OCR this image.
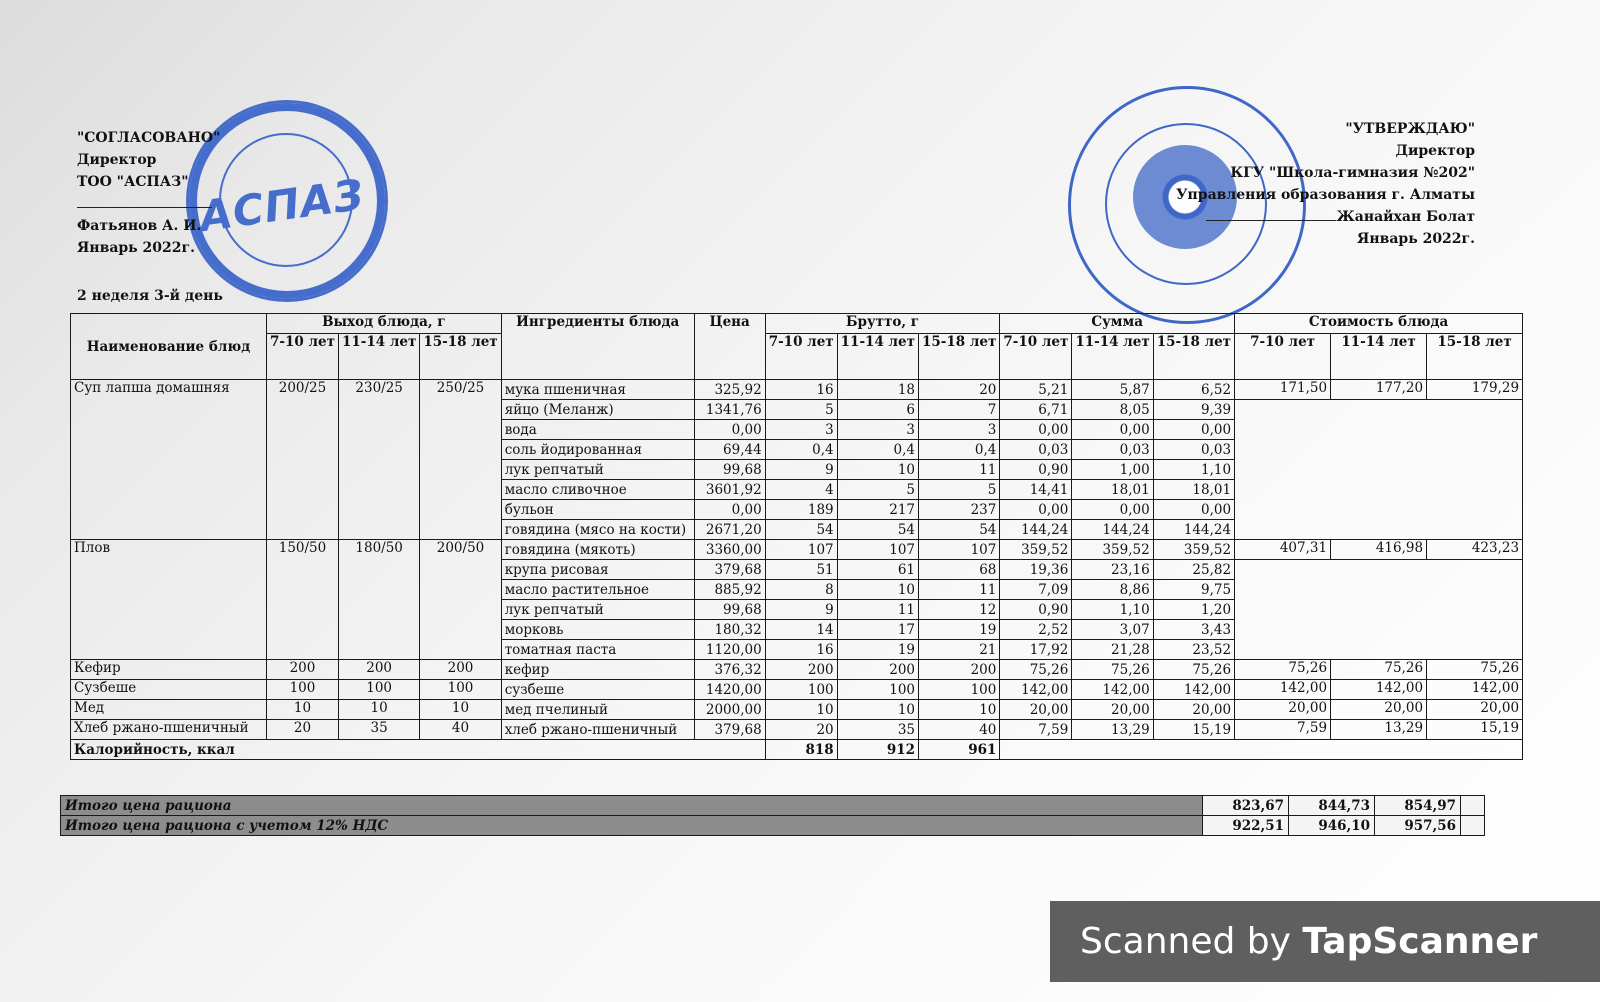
АСПАЗ
"СОГЛАСОВАНО"
Директор
ТОО "АСПАЗ"
Фатьянов А. И.
Январь 2022г.
"УТВЕРЖДАЮ"
Директор
КГУ "Школа-гимназия №202"
Управления образования г. Алматы
Жанайхан Болат
Январь 2022г.
2 неделя 3-й день
Наименование блюд	Выход блюда, г			Ингредиенты блюда	Цена	Брутто, г			Сумма			Стоимость блюда		
	7-10 лет	11-14 лет	15-18 лет			7-10 лет	11-14 лет	15-18 лет	7-10 лет	11-14 лет	15-18 лет	7-10 лет	11-14 лет	15-18 лет
Суп лапша домашняя	200/25	230/25	250/25	мука пшеничная	325,92	16	18	20	5,21	5,87	6,52	171,50	177,20	179,29
				яйцо (Меланж)	1341,76	5	6	7	6,71	8,05	9,39			
				вода	0,00	3	3	3	0,00	0,00	0,00			
				соль йодированная	69,44	0,4	0,4	0,4	0,03	0,03	0,03			
				лук репчатый	99,68	9	10	11	0,90	1,00	1,10			
				масло сливочное	3601,92	4	5	5	14,41	18,01	18,01			
				бульон	0,00	189	217	237	0,00	0,00	0,00			
				говядина (мясо на кости)	2671,20	54	54	54	144,24	144,24	144,24			
Плов	150/50	180/50	200/50	говядина (мякоть)	3360,00	107	107	107	359,52	359,52	359,52	407,31	416,98	423,23
				крупа рисовая	379,68	51	61	68	19,36	23,16	25,82			
				масло растительное	885,92	8	10	11	7,09	8,86	9,75			
				лук репчатый	99,68	9	11	12	0,90	1,10	1,20			
				морковь	180,32	14	17	19	2,52	3,07	3,43			
				томатная паста	1120,00	16	19	21	17,92	21,28	23,52			
Кефир	200	200	200	кефир	376,32	200	200	200	75,26	75,26	75,26	75,26	75,26	75,26
Сузбеше	100	100	100	сузбеше	1420,00	100	100	100	142,00	142,00	142,00	142,00	142,00	142,00
Мед	10	10	10	мед пчелиный	2000,00	10	10	10	20,00	20,00	20,00	20,00	20,00	20,00
Хлеб ржано-пшеничный	20	35	40	хлеб ржано-пшеничный	379,68	20	35	40	7,59	13,29	15,19	7,59	13,29	15,19
Калорийность, ккал						818	912	961						
Итого цена рациона	823,67	844,73	854,97	
Итого цена рациона с учетом 12% НДС	922,51	946,10	957,56	
Scanned by TapScanner
